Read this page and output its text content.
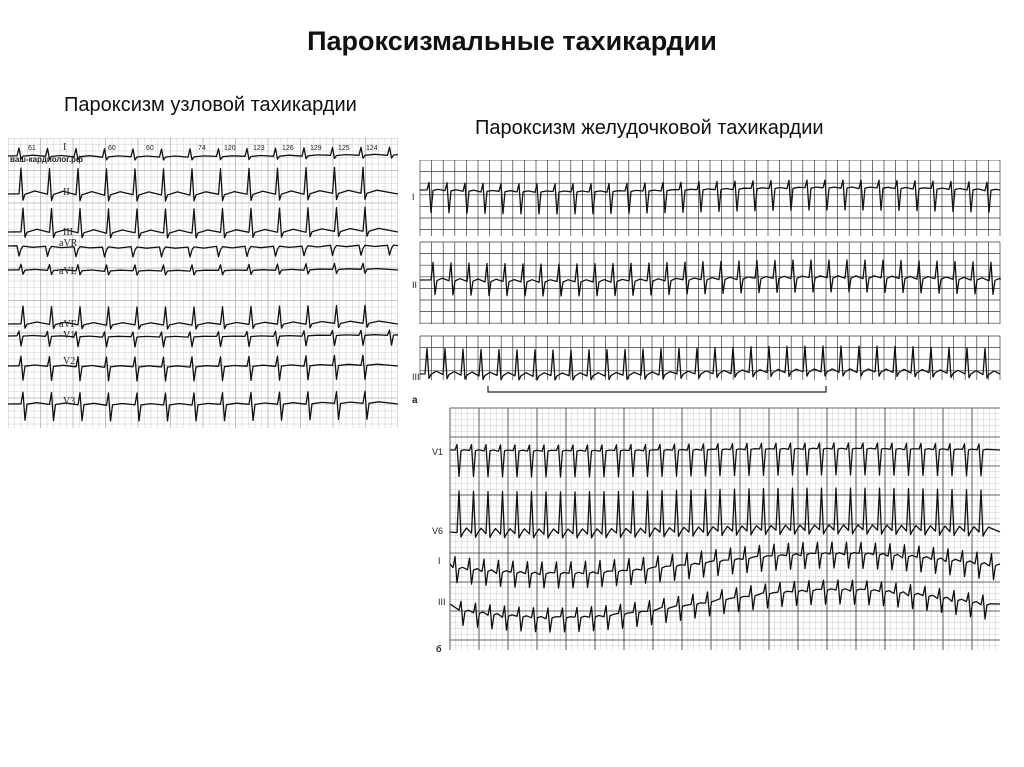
Пароксизмальные тахикардии
Пароксизм узловой тахикардии
Пароксизм желудочковой тахикардии
61	60	60	74	120 123 126 129 125 124
ваш-кардиолог.рф
I
II
III
aVR
aVL
aVF
V1
V2
V3
I
II
III
а
V1
V6
I
III
б
